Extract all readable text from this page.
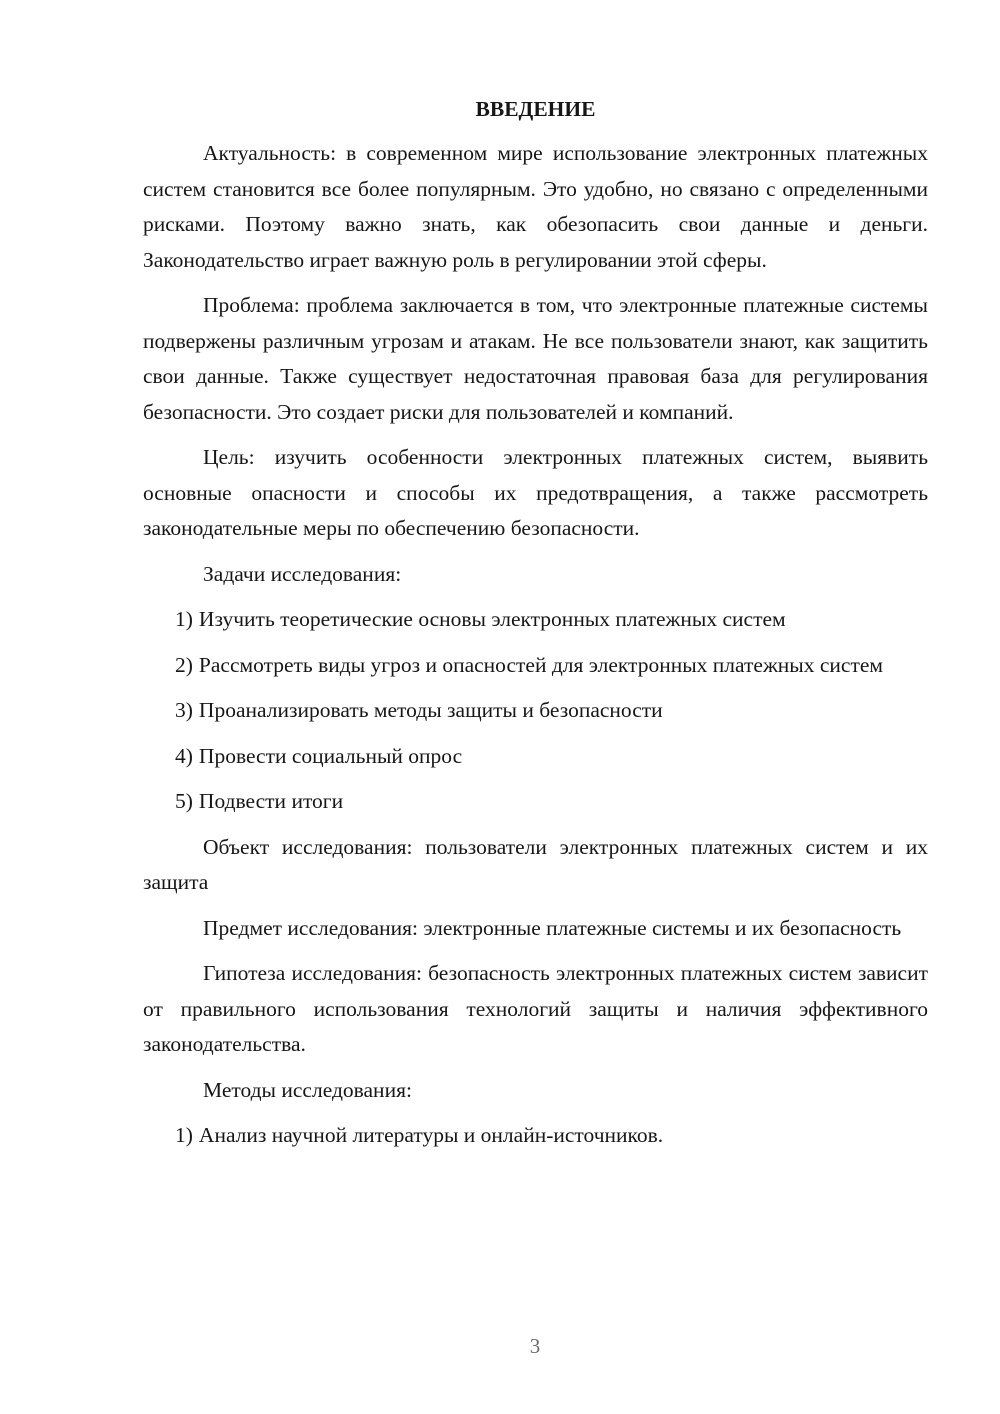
ВВЕДЕНИЕ

Актуальность: в современном мире использование электронных платежных систем становится все более популярным. Это удобно, но связано с определенными рисками. Поэтому важно знать, как обезопасить свои данные и деньги. Законодательство играет важную роль в регулировании этой сферы.

Проблема: проблема заключается в том, что электронные платежные системы подвержены различным угрозам и атакам. Не все пользователи знают, как защитить свои данные. Также существует недостаточная правовая база для регулирования безопасности. Это создает риски для пользователей и компаний.

Цель: изучить особенности электронных платежных систем, выявить основные опасности и способы их предотвращения, а также рассмотреть законодательные меры по обеспечению безопасности.

Задачи исследования:

1) Изучить теоретические основы электронных платежных систем

2) Рассмотреть виды угроз и опасностей для электронных платежных систем

3) Проанализировать методы защиты и безопасности

4) Провести социальный опрос

5) Подвести итоги

Объект исследования: пользователи электронных платежных систем и их защита

Предмет исследования: электронные платежные системы и их безопасность

Гипотеза исследования: безопасность электронных платежных систем зависит от правильного использования технологий защиты и наличия эффективного законодательства.

Методы исследования:

1) Анализ научной литературы и онлайн-источников.

3
